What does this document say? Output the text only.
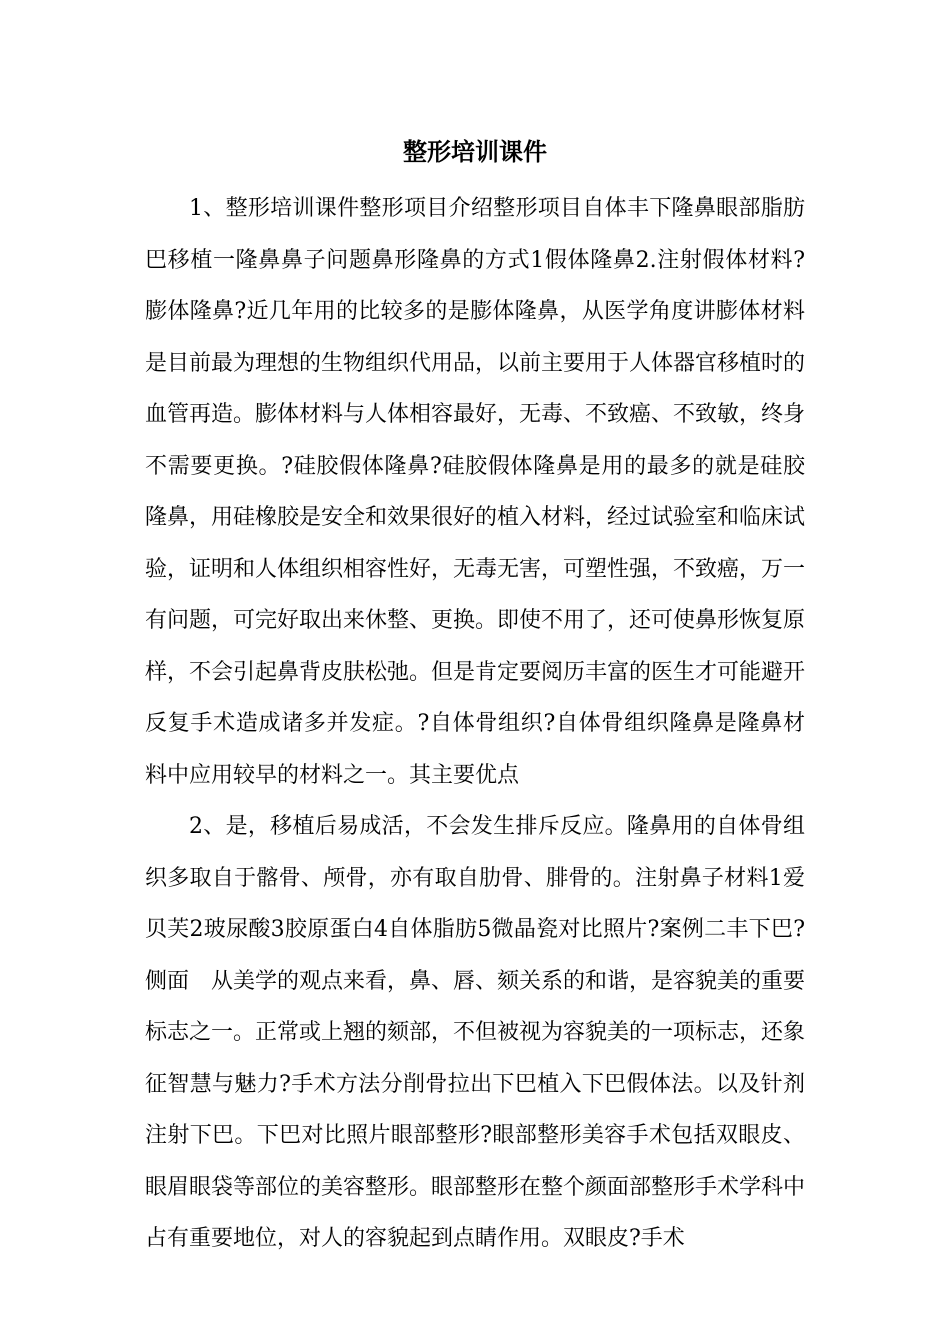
整形培训课件

1、整形培训课件整形项目介绍整形项目自体丰下隆鼻眼部脂肪巴移植一隆鼻鼻子问题鼻形隆鼻的方式1假体隆鼻2.注射假体材料?膨体隆鼻?近几年用的比较多的是膨体隆鼻，从医学角度讲膨体材料是目前最为理想的生物组织代用品，以前主要用于人体器官移植时的血管再造。膨体材料与人体相容最好，无毒、不致癌、不致敏，终身不需要更换。?硅胶假体隆鼻?硅胶假体隆鼻是用的最多的就是硅胶隆鼻，用硅橡胶是安全和效果很好的植入材料，经过试验室和临床试验，证明和人体组织相容性好，无毒无害，可塑性强，不致癌，万一有问题，可完好取出来休整、更换。即使不用了，还可使鼻形恢复原样，不会引起鼻背皮肤松弛。但是肯定要阅历丰富的医生才可能避开反复手术造成诸多并发症。?自体骨组织?自体骨组织隆鼻是隆鼻材料中应用较早的材料之一。其主要优点

2、是，移植后易成活，不会发生排斥反应。隆鼻用的自体骨组织多取自于髂骨、颅骨，亦有取自肋骨、腓骨的。注射鼻子材料1爱贝芙2玻尿酸3胶原蛋白4自体脂肪5微晶瓷对比照片?案例二丰下巴?侧面　从美学的观点来看，鼻、唇、颏关系的和谐，是容貌美的重要标志之一。正常或上翘的颏部，不但被视为容貌美的一项标志，还象征智慧与魅力?手术方法分削骨拉出下巴植入下巴假体法。以及针剂注射下巴。下巴对比照片眼部整形?眼部整形美容手术包括双眼皮、眼眉眼袋等部位的美容整形。眼部整形在整个颜面部整形手术学科中占有重要地位，对人的容貌起到点睛作用。双眼皮?手术
